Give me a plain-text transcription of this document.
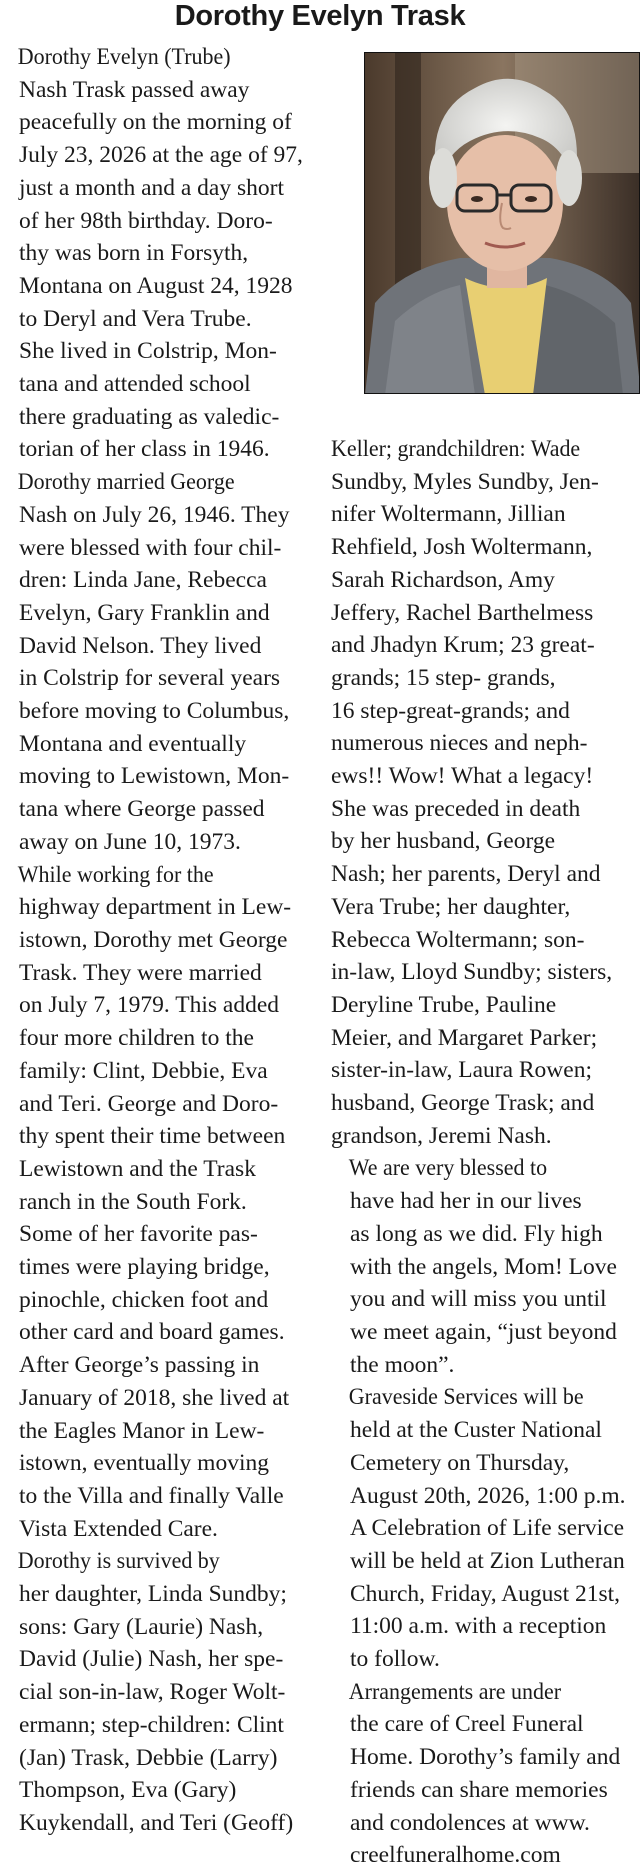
Dorothy Evelyn Trask

Dorothy Evelyn (Trube)
Nash Trask passed away
peacefully on the morning of
July 23, 2026 at the age of 97,
just a month and a day short
of her 98th birthday. Doro-
thy was born in Forsyth,
Montana on August 24, 1928
to Deryl and Vera Trube.
She lived in Colstrip, Mon-
tana and attended school
there graduating as valedic-
torian of her class in 1946.

Dorothy married George
Nash on July 26, 1946. They
were blessed with four chil-
dren: Linda Jane, Rebecca
Evelyn, Gary Franklin and
David Nelson. They lived
in Colstrip for several years
before moving to Columbus,
Montana and eventually
moving to Lewistown, Mon-
tana where George passed
away on June 10, 1973.

While working for the
highway department in Lew-
istown, Dorothy met George
Trask. They were married
on July 7, 1979. This added
four more children to the
family: Clint, Debbie, Eva
and Teri. George and Doro-
thy spent their time between
Lewistown and the Trask
ranch in the South Fork.
Some of her favorite pas-
times were playing bridge,
pinochle, chicken foot and
other card and board games.
After George’s passing in
January of 2018, she lived at
the Eagles Manor in Lew-
istown, eventually moving
to the Villa and finally Valle
Vista Extended Care.

Dorothy is survived by
her daughter, Linda Sundby;
sons: Gary (Laurie) Nash,
David (Julie) Nash, her spe-
cial son-in-law, Roger Wolt-
ermann; step-children: Clint
(Jan) Trask, Debbie (Larry)
Thompson, Eva (Gary)
Kuykendall, and Teri (Geoff)

Keller; grandchildren: Wade
Sundby, Myles Sundby, Jen-
nifer Woltermann, Jillian
Rehfield, Josh Woltermann,
Sarah Richardson, Amy
Jeffery, Rachel Barthelmess
and Jhadyn Krum; 23 great-
grands; 15 step- grands,
16 step-great-grands; and
numerous nieces and neph-
ews!! Wow! What a legacy!
She was preceded in death
by her husband, George
Nash; her parents, Deryl and
Vera Trube; her daughter,
Rebecca Woltermann; son-
in-law, Lloyd Sundby; sisters,
Deryline Trube, Pauline
Meier, and Margaret Parker;
sister-in-law, Laura Rowen;
husband, George Trask; and
grandson, Jeremi Nash.

We are very blessed to
have had her in our lives
as long as we did. Fly high
with the angels, Mom! Love
you and will miss you until
we meet again, “just beyond
the moon”.

Graveside Services will be
held at the Custer National
Cemetery on Thursday,
August 20th, 2026, 1:00 p.m.
A Celebration of Life service
will be held at Zion Lutheran
Church, Friday, August 21st,
11:00 a.m. with a reception
to follow.

Arrangements are under
the care of Creel Funeral
Home. Dorothy’s family and
friends can share memories
and condolences at www.
creelfuneralhome.com
